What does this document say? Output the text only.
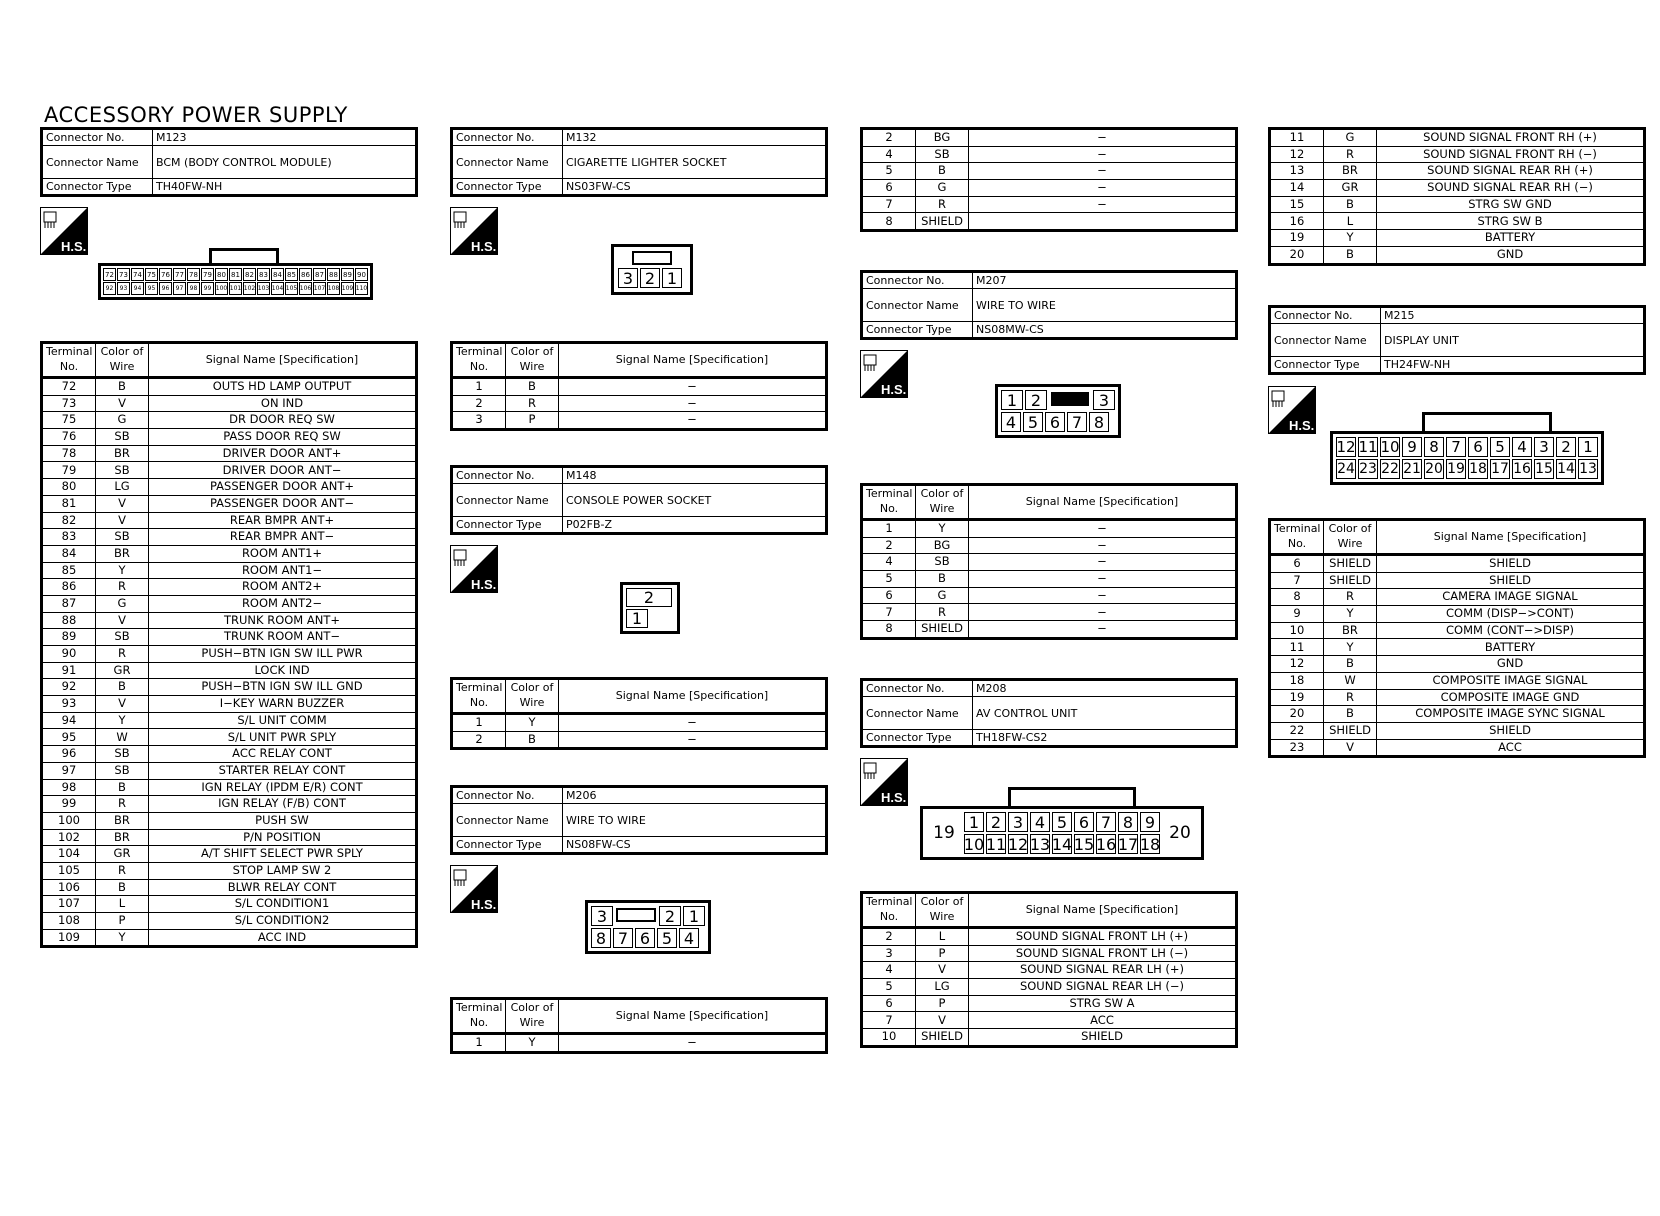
ACCESSORY POWER SUPPLY
Connector No.	M123
Connector Name	BCM (BODY CONTROL MODULE)
Connector Type	TH40FW-NH
H.S.
72 73 74 75 76 77 78 79 80 81 82 83 84 85 86 87 88 89 90
92	93	94	95	96	97	98	99 100 101 102 103 104 105 106 107 108 109 110
Terminal No.	Color of Wire	Signal Name [Specification]
72	B	OUTS HD LAMP OUTPUT
73	V	ON IND
75	G	DR DOOR REQ SW
76	SB	PASS DOOR REQ SW
78	BR	DRIVER DOOR ANT+
79	SB	DRIVER DOOR ANT−
80	LG	PASSENGER DOOR ANT+
81	V	PASSENGER DOOR ANT−
82	V	REAR BMPR ANT+
83	SB	REAR BMPR ANT−
84	BR	ROOM ANT1+
85	Y	ROOM ANT1−
86	R	ROOM ANT2+
87	G	ROOM ANT2−
88	V	TRUNK ROOM ANT+
89	SB	TRUNK ROOM ANT−
90	R	PUSH−BTN IGN SW ILL PWR
91	GR	LOCK IND
92	B	PUSH−BTN IGN SW ILL GND
93	V	I−KEY WARN BUZZER
94	Y	S/L UNIT COMM
95	W	S/L UNIT PWR SPLY
96	SB	ACC RELAY CONT
97	SB	STARTER RELAY CONT
98	B	IGN RELAY (IPDM E/R) CONT
99	R	IGN RELAY (F/B) CONT
100	BR	PUSH SW
102	BR	P/N POSITION
104	GR	A/T SHIFT SELECT PWR SPLY
105	R	STOP LAMP SW 2
106	B	BLWR RELAY CONT
107	L	S/L CONDITION1
108	P	S/L CONDITION2
109	Y	ACC IND
Connector No.	M132
Connector Name	CIGARETTE LIGHTER SOCKET
Connector Type	NS03FW-CS
H.S.
3 2 1
Terminal No.	Color of Wire	Signal Name [Specification]
1	B	−
2	R	−
3	P	−
Connector No.	M148
Connector Name	CONSOLE POWER SOCKET
Connector Type	P02FB-Z
H.S.
2
1
Terminal No.	Color of Wire	Signal Name [Specification]
1	Y	−
2	B	−
Connector No.	M206
Connector Name	WIRE TO WIRE
Connector Type	NS08FW-CS
H.S.
3	2 1
8 7 6 5 4
Terminal No.	Color of Wire	Signal Name [Specification]
1	Y	−
2	BG	−
4	SB	−
5	B	−
6	G	−
7	R	−
8	SHIELD	
Connector No.	M207
Connector Name	WIRE TO WIRE
Connector Type	NS08MW-CS
H.S.
1 2	3
4 5 6 7 8
Terminal No.	Color of Wire	Signal Name [Specification]
1	Y	−
2	BG	−
4	SB	−
5	B	−
6	G	−
7	R	−
8	SHIELD	−
Connector No.	M208
Connector Name	AV CONTROL UNIT
Connector Type	TH18FW-CS2
H.S.
19
1 2 3 4 5 6 7 8 9
10 11 12 13 14 15 16 17 18
20
Terminal No.	Color of Wire	Signal Name [Specification]
2	L	SOUND SIGNAL FRONT LH (+)
3	P	SOUND SIGNAL FRONT LH (−)
4	V	SOUND SIGNAL REAR LH (+)
5	LG	SOUND SIGNAL REAR LH (−)
6	P	STRG SW A
7	V	ACC
10	SHIELD	SHIELD
11	G	SOUND SIGNAL FRONT RH (+)
12	R	SOUND SIGNAL FRONT RH (−)
13	BR	SOUND SIGNAL REAR RH (+)
14	GR	SOUND SIGNAL REAR RH (−)
15	B	STRG SW GND
16	L	STRG SW B
19	Y	BATTERY
20	B	GND
Connector No.	M215
Connector Name	DISPLAY UNIT
Connector Type	TH24FW-NH
H.S.
12 11 10 9 8 7 6 5 4 3 2 1
24 23 22 21 20 19 18 17 16 15 14 13
Terminal No.	Color of Wire	Signal Name [Specification]
6	SHIELD	SHIELD
7	SHIELD	SHIELD
8	R	CAMERA IMAGE SIGNAL
9	Y	COMM (DISP−>CONT)
10	BR	COMM (CONT−>DISP)
11	Y	BATTERY
12	B	GND
18	W	COMPOSITE IMAGE SIGNAL
19	R	COMPOSITE IMAGE GND
20	B	COMPOSITE IMAGE SYNC SIGNAL
22	SHIELD	SHIELD
23	V	ACC
